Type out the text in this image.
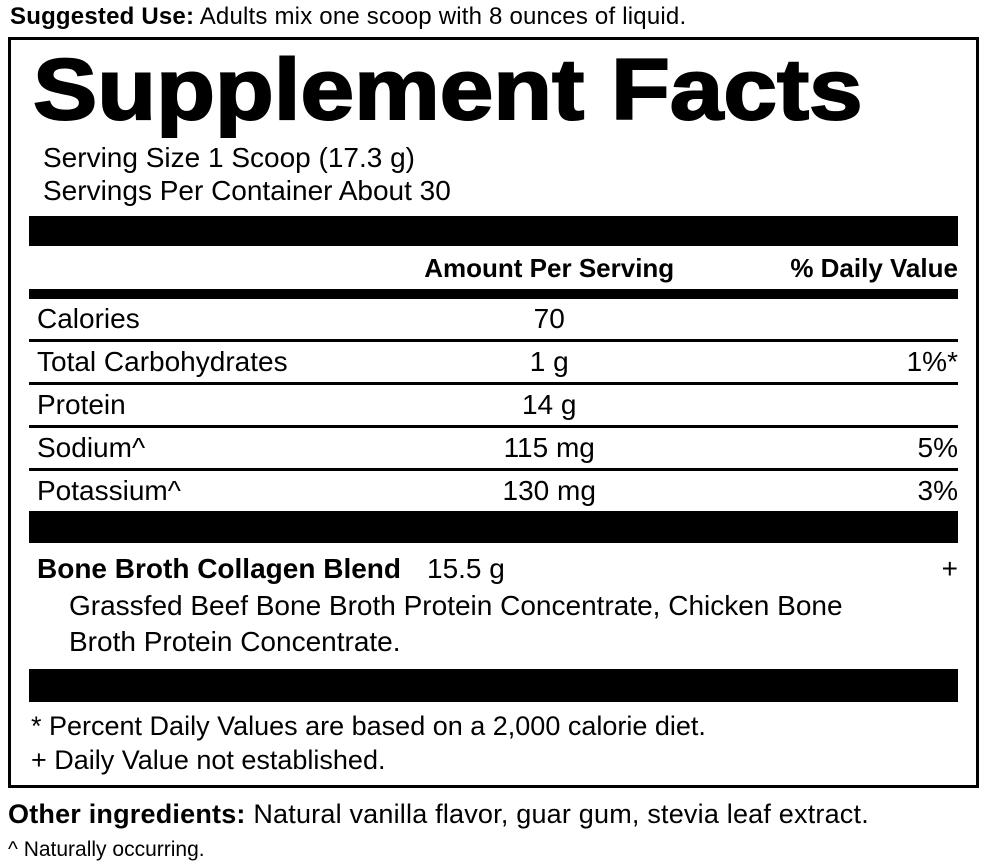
Suggested Use: Adults mix one scoop with 8 ounces of liquid.
Supplement Facts
Serving Size 1 Scoop (17.3 g)
Servings Per Container About 30
Amount Per Serving	% Daily Value
Calories	70
Total Carbohydrates	1 g	1%*
Protein	14 g
Sodium^	115 mg	5%
Potassium^	130 mg	3%
Bone Broth Collagen Blend 15.5 g	+
Grassfed Beef Bone Broth Protein Concentrate, Chicken Bone Broth Protein Concentrate.
* Percent Daily Values are based on a 2,000 calorie diet.
+ Daily Value not established.
Other ingredients: Natural vanilla flavor, guar gum, stevia leaf extract.
^ Naturally occurring.
